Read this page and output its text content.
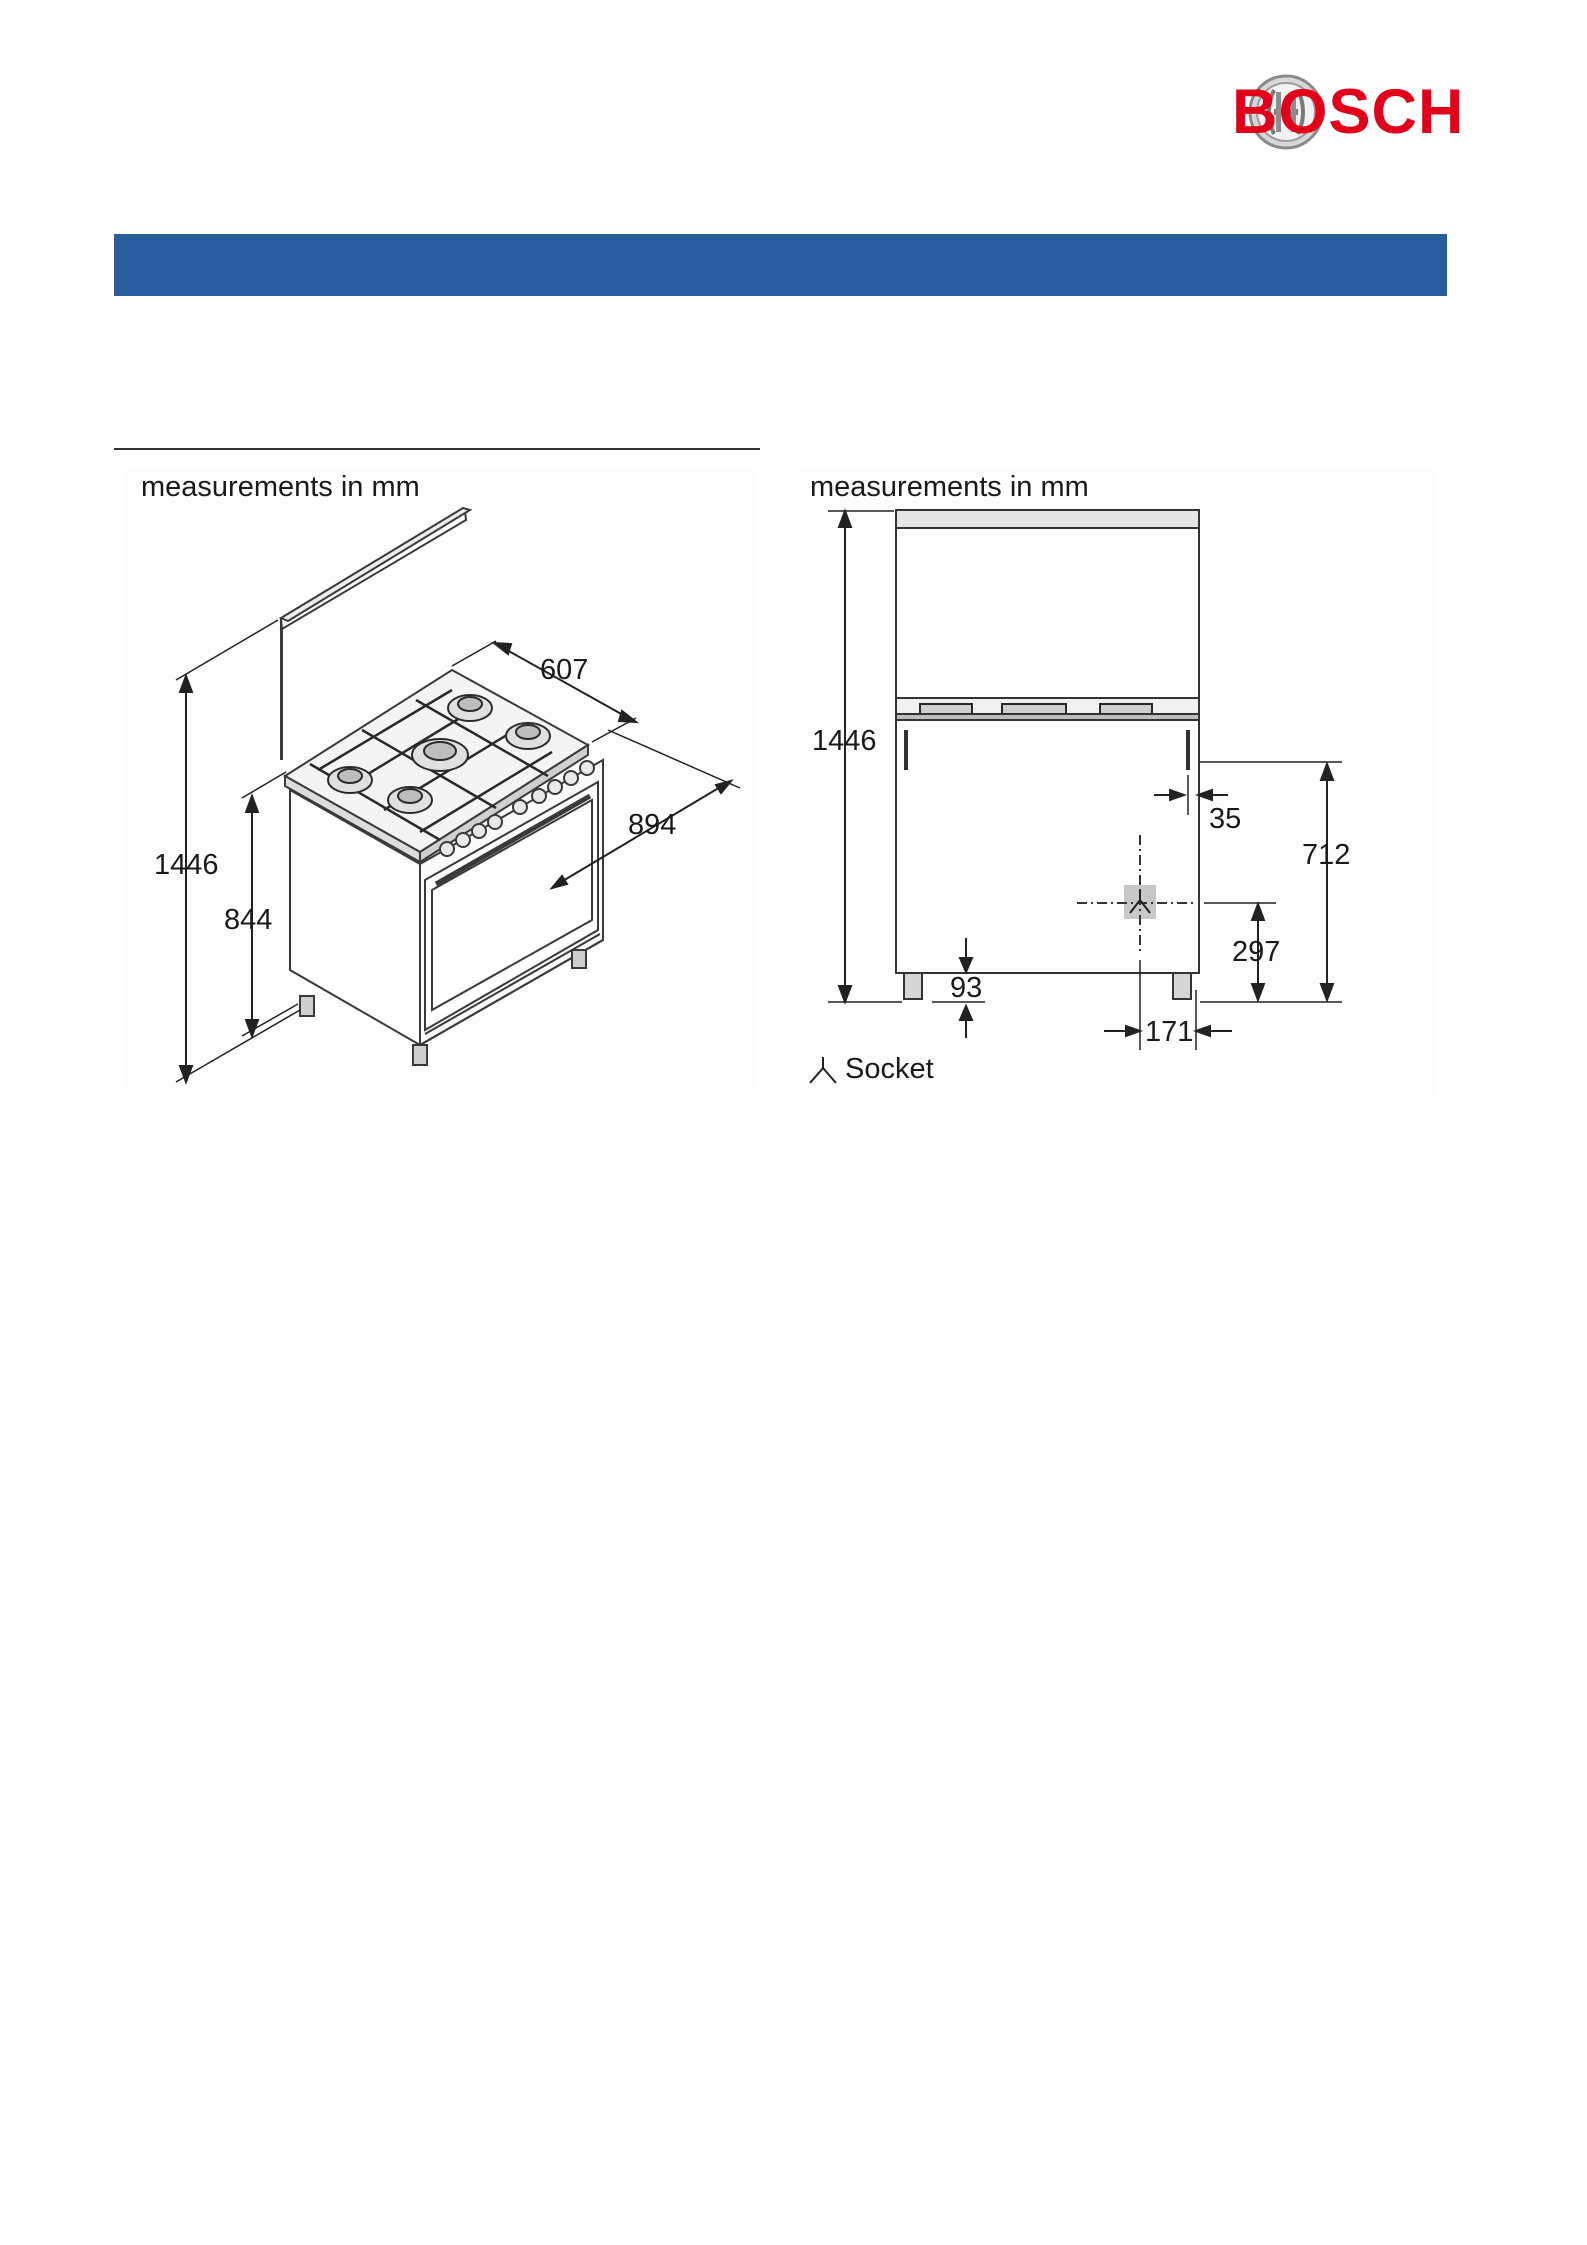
BOSCH
measurements in mm
607
894
1446
844
measurements in mm
1446
35
712
297
93
171
Socket
